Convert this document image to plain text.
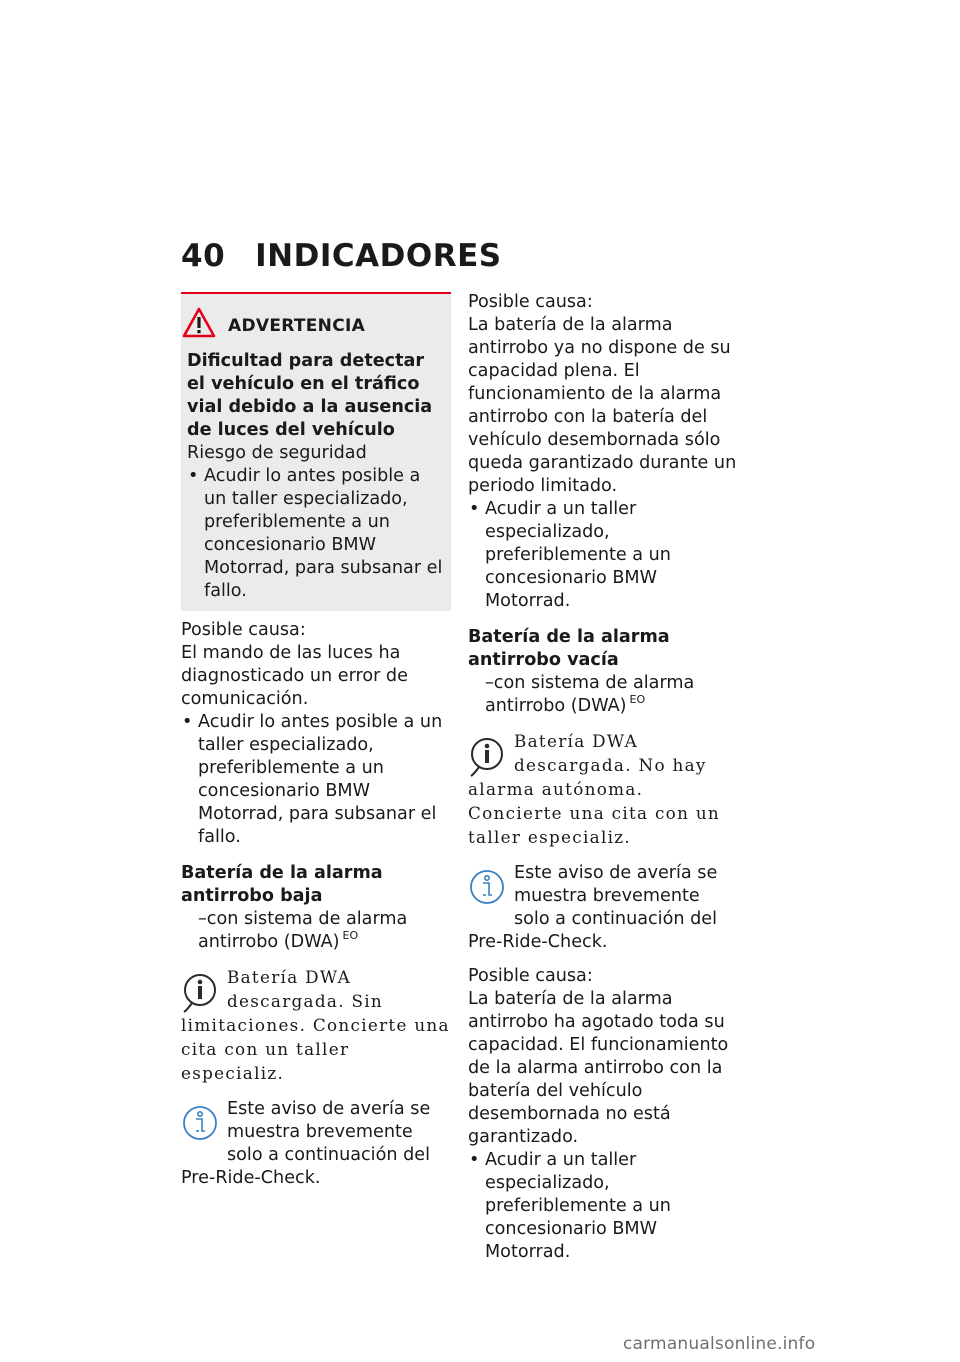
40 INDICADORES
ADVERTENCIA

Dificultad para detectar el vehículo en el tráfico vial debido a la ausencia de luces del vehículo

Riesgo de seguridad

• Acudir lo antes posible a un taller especializado, preferiblemente a un concesionario BMW Motorrad, para subsanar el fallo.

Posible causa:

El mando de las luces ha diagnosticado un error de comunicación.

• Acudir lo antes posible a un taller especializado, preferiblemente a un concesionario BMW Motorrad, para subsanar el fallo.

Batería de la alarma antirrobo baja

–con sistema de alarma antirrobo (DWA) $^{EO}$

Batería DWA descargada. Sin limitaciones. Concierte una cita con un taller especializ.
Este aviso de avería se muestra brevemente solo a continuación del Pre-Ride-Check.

Posible causa:

La batería de la alarma antirrobo ya no dispone de su capacidad plena. El funcionamiento de la alarma antirrobo con la batería del vehículo desembornada sólo queda garantizado durante un periodo limitado.

• Acudir a un taller especializado, preferiblemente a un concesionario BMW Motorrad.

Batería de la alarma antirrobo vacía

–con sistema de alarma antirrobo (DWA) $^{EO}$

Batería DWA descargada. No hay alarma autónoma. Concierte una cita con un taller especializ.
Este aviso de avería se muestra brevemente solo a continuación del Pre-Ride-Check.

Posible causa:

La batería de la alarma antirrobo ha agotado toda su capacidad. El funcionamiento de la alarma antirrobo con la batería del vehículo desembornada no está garantizado.

• Acudir a un taller especializado, preferiblemente a un concesionario BMW Motorrad.

carmanualsonline.info
